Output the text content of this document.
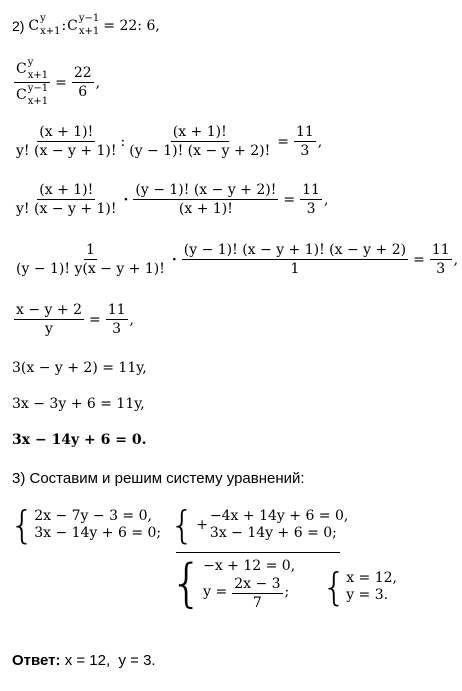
2) C y
x+1 : C y−1
x+1 = 22: 6,
C y
x+1
C y−1
$x+1 = \frac{22}{6}$ ,
$\frac{(x + 1)!}{y! (x - y + 1)!}$ : $\frac{(x + 1)!}{(y - 1)! (x - y + 2)!} = \frac{11}{3}$ ,
$\frac{(x + 1)!}{y! (x - y + 1)!} \cdot \frac{(y - 1)! (x - y + 2)!}{(x + 1)!} = \frac{11}{3}$ ,
$\frac{1}{(y - 1)! y(x - y + 1)!} \cdot \frac{(y - 1)! (x - y + 1)! (x - y + 2)}{1} = \frac{11}{3}$ ,
$\frac{x - y + 2}{y} = \frac{11}{3}$ ,
3(x − y + 2) = 11y,
3x − 3y + 6 = 11y,
3x − 14y + 6 = 0.
3) Составим и решим систему уравнений:
{ 2x − 7y − 3 = 0,
3x − 14y + 6 = 0; { +
−4x + 14y + 6 = 0,
3x − 14y + 6 = 0;
{ −x + 12 = 0,
$y = \frac{2x - 3}{7}$ ; { x = 12,
y = 3.
Ответ: x = 12,  y = 3.
